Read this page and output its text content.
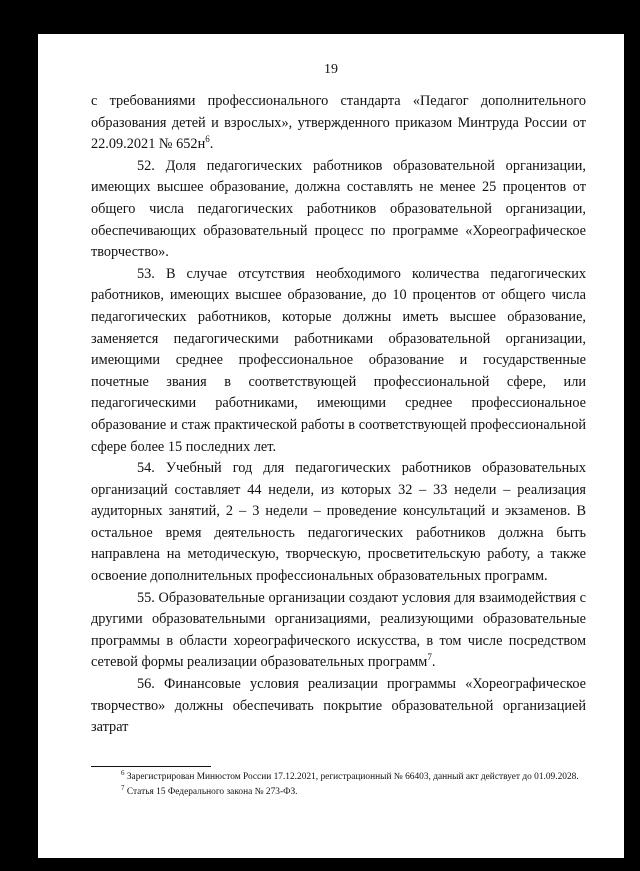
19

с требованиями профессионального стандарта «Педагог дополнительного образования детей и взрослых», утвержденного приказом Минтруда России от 22.09.2021 № $652н^6$.

52. Доля педагогических работников образовательной организации, имеющих высшее образование, должна составлять не менее 25 процентов от общего числа педагогических работников образовательной организации, обеспечивающих образовательный процесс по программе «Хореографическое творчество».

53. В случае отсутствия необходимого количества педагогических работников, имеющих высшее образование, до 10 процентов от общего числа педагогических работников, которые должны иметь высшее образование, заменяется педагогическими работниками образовательной организации, имеющими среднее профессиональное образование и государственные почетные звания в соответствующей профессиональной сфере, или педагогическими работниками, имеющими среднее профессиональное образование и стаж практической работы в соответствующей профессиональной сфере более 15 последних лет.

54. Учебный год для педагогических работников образовательных организаций составляет 44 недели, из которых 32 – 33 недели – реализация аудиторных занятий, 2 – 3 недели – проведение консультаций и экзаменов. В остальное время деятельность педагогических работников должна быть направлена на методическую, творческую, просветительскую работу, а также освоение дополнительных профессиональных образовательных программ.

55. Образовательные организации создают условия для взаимодействия с другими образовательными организациями, реализующими образовательные программы в области хореографического искусства, в том числе посредством сетевой формы реализации образовательных программ$^7$.

56. Финансовые условия реализации программы «Хореографическое творчество» должны обеспечивать покрытие образовательной организацией затрат

$^6$ Зарегистрирован Минюстом России 17.12.2021, регистрационный № 66403, данный акт действует до 01.09.2028.

$^7$ Статья 15 Федерального закона № 273-ФЗ.
